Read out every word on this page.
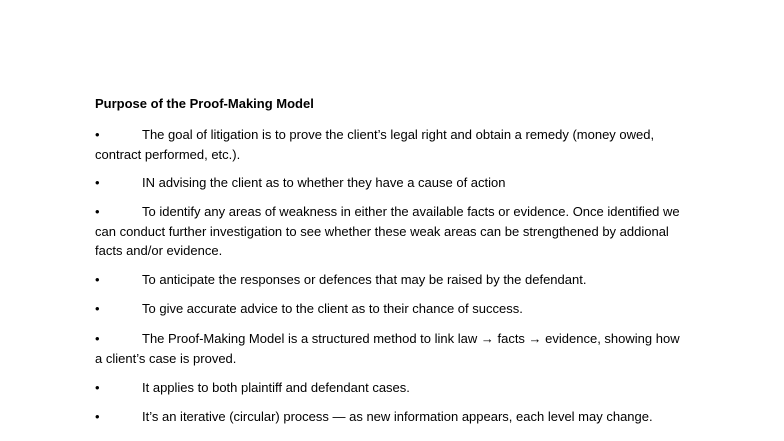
Purpose of the Proof-Making Model
•	The goal of litigation is to prove the client’s legal right and obtain a remedy (money owed, contract performed, etc.).
•	IN advising the client as to whether they have a cause of action
•	To identify any areas of weakness in either the available facts or evidence. Once identified we can conduct further investigation to see whether these weak areas can be strengthened by addional facts and/or evidence.
•	To anticipate the responses or defences that may be raised by the defendant.
•	To give accurate advice to the client as to their chance of success.
•	The Proof-Making Model is a structured method to link law → facts → evidence, showing how a client’s case is proved.
•	It applies to both plaintiff and defendant cases.
•	It’s an iterative (circular) process — as new information appears, each level may change.
